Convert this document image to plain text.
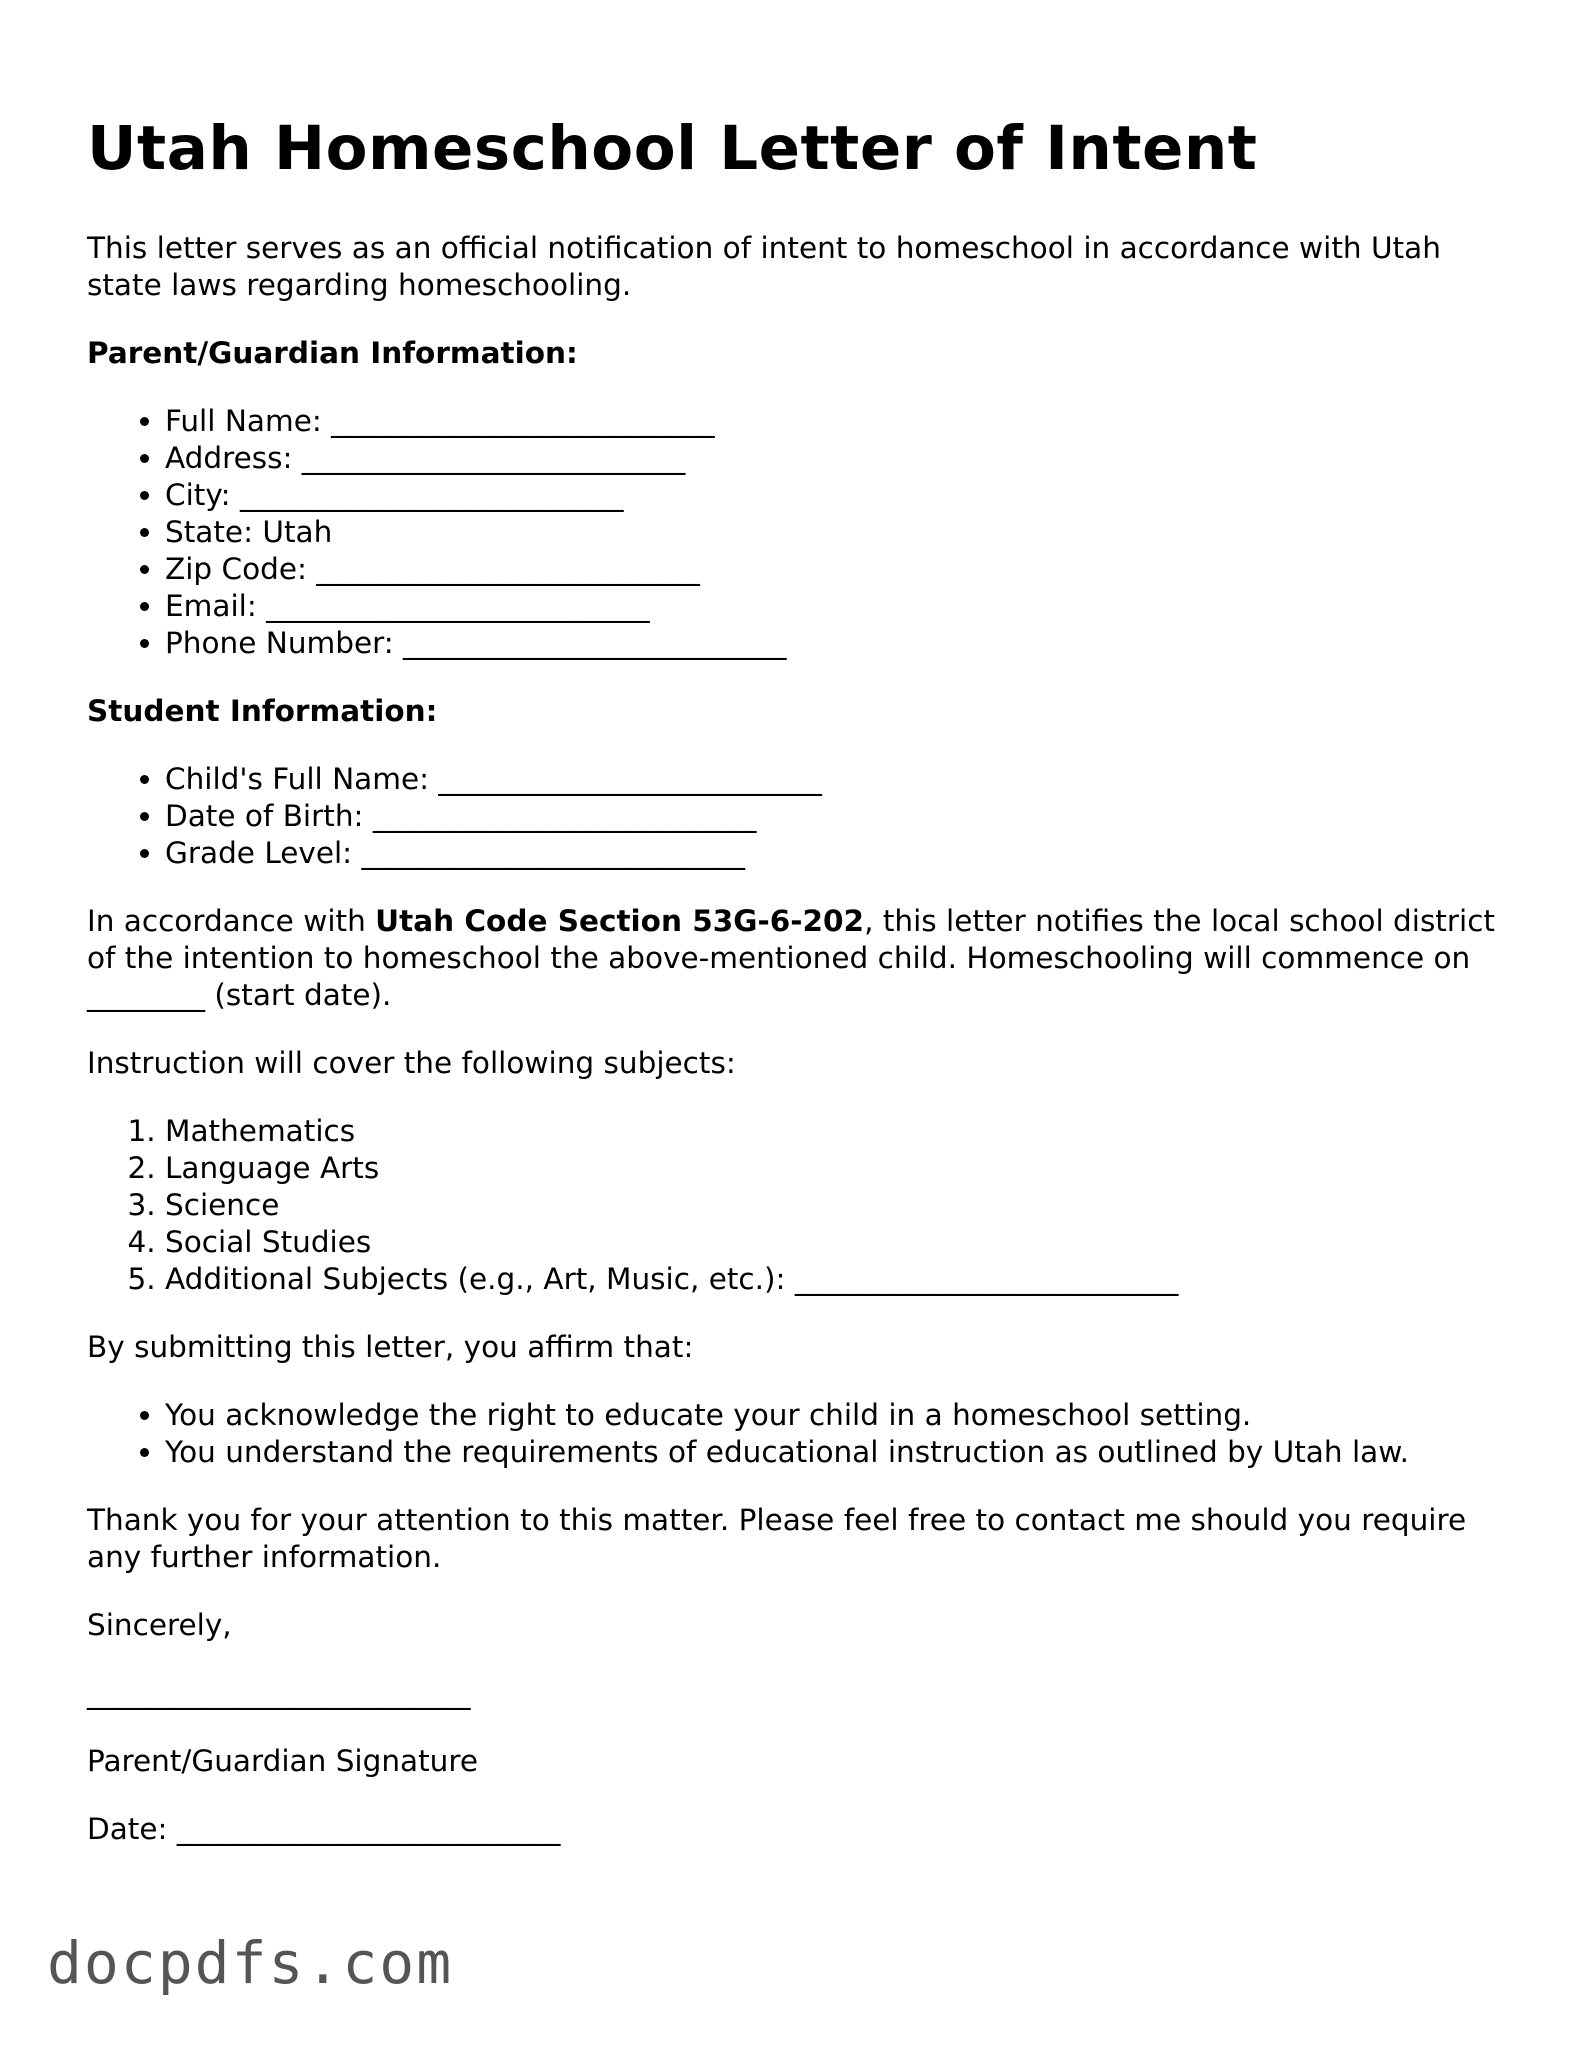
Utah Homeschool Letter of Intent

This letter serves as an official notification of intent to homeschool in accordance with Utah state laws regarding homeschooling.

Parent/Guardian Information:
• Full Name: __________________________
• Address: __________________________
• City: __________________________
• State: Utah
• Zip Code: __________________________
• Email: __________________________
• Phone Number: __________________________
Student Information:
• Child's Full Name: __________________________
• Date of Birth: __________________________
• Grade Level: __________________________

In accordance with Utah Code Section 53G-6-202, this letter notifies the local school district of the intention to homeschool the above-mentioned child. Homeschooling will commence on ________ (start date).

Instruction will cover the following subjects:

1. Mathematics
2. Language Arts
3. Science
4. Social Studies
5. Additional Subjects (e.g., Art, Music, etc.): __________________________

By submitting this letter, you affirm that:

• You acknowledge the right to educate your child in a homeschool setting.
• You understand the requirements of educational instruction as outlined by Utah law.

Thank you for your attention to this matter. Please feel free to contact me should you require any further information.

Sincerely,

__________________________

Parent/Guardian Signature

Date: __________________________

docpdfs.com
